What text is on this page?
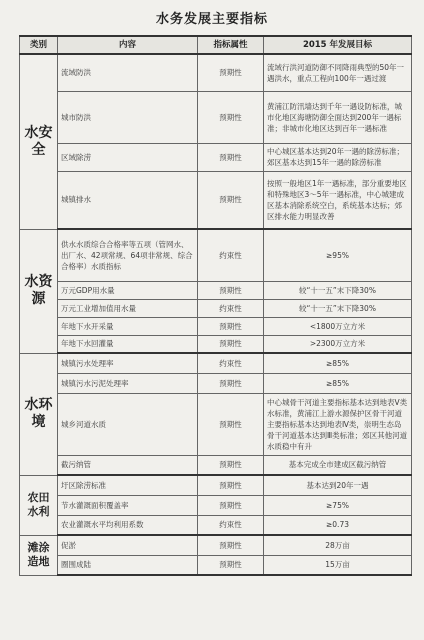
水务发展主要指标
类别	内容	指标属性	2015 年发展目标
水安全	流域防洪	预期性	流域行洪河道防御不同降雨典型的50年一遇洪水，重点工程向100年一遇过渡
	城市防洪	预期性	黄浦江防汛墙达到千年一遇设防标准，城市化地区海塘防御全面达到200年一遇标准；非城市化地区达到百年一遇标准
	区域除涝	预期性	中心城区基本达到20年一遇的除涝标准；郊区基本达到15年一遇的除涝标准
	城镇排水	预期性	按照一般地区1年一遇标准，部分重要地区和特殊地区3～5年一遇标准，中心城建成区基本消除系统空白，系统基本达标；郊区排水能力明显改善
水资源	供水水质综合合格率等五项（管网水、出厂水、42项常规、64项非常规、综合合格率）水质指标	约束性	≥95%
	万元GDP用水量	预期性	较“十一五”末下降30%
	万元工业增加值用水量	约束性	较“十一五”末下降30%
	年地下水开采量	预期性	<1800万立方米
	年地下水回灌量	预期性	>2300万立方米
水环境	城镇污水处理率	约束性	≥85%
	城镇污水污泥处理率	预期性	≥85%
	城乡河道水质	预期性	中心城骨干河道主要指标基本达到地表Ⅴ类水标准，黄浦江上游水源保护区骨干河道主要指标基本达到地表Ⅳ类，崇明生态岛骨干河道基本达到Ⅲ类标准；郊区其他河道水质稳中有升
	截污纳管	预期性	基本完成全市建成区截污纳管
农田水利	圩区除涝标准	预期性	基本达到20年一遇
	节水灌溉面积覆盖率	预期性	≥75%
	农业灌溉水平均利用系数	约束性	≥0.73
滩涂造地	促淤	预期性	28万亩
	圈围成陆	预期性	15万亩
